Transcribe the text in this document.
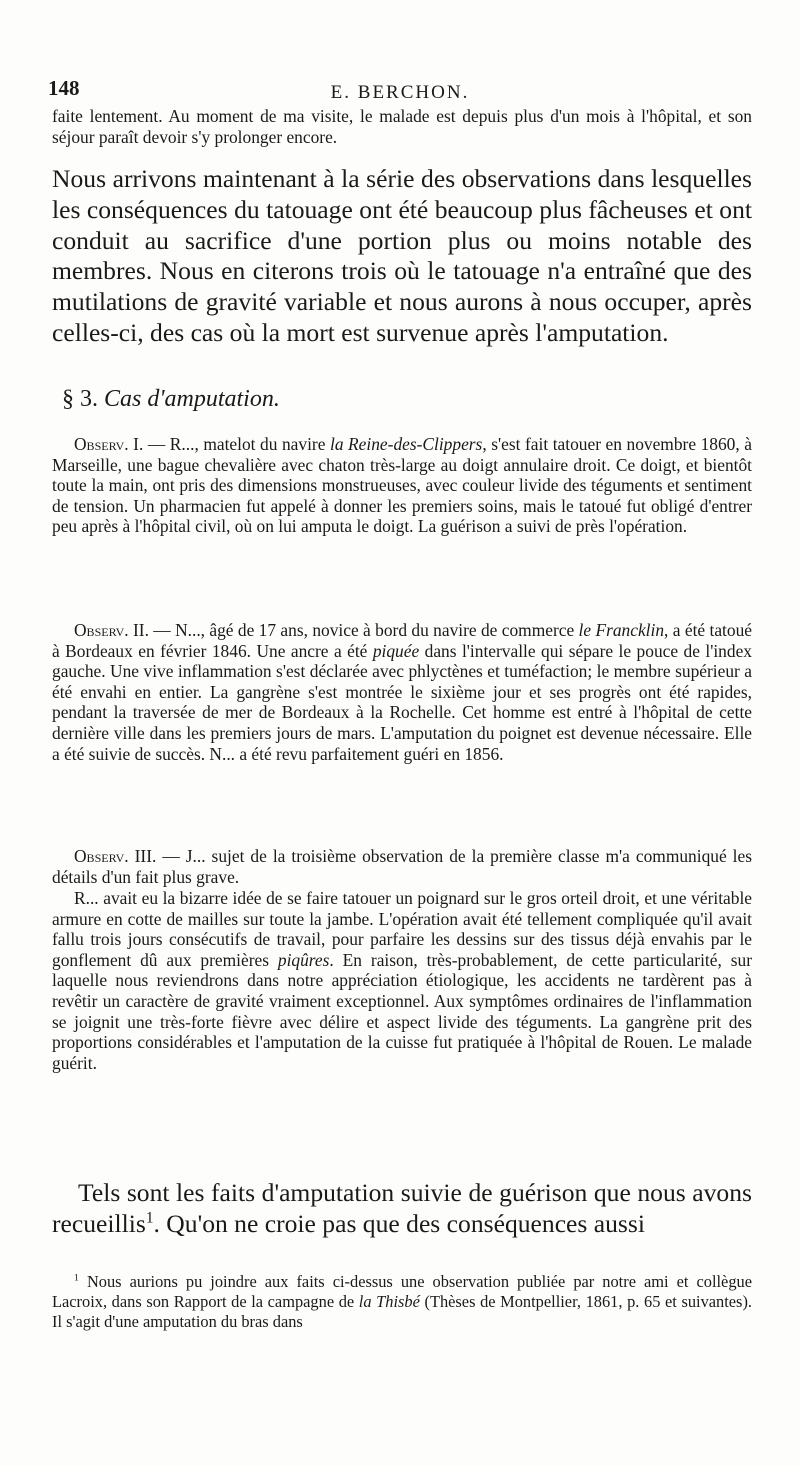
148	E. BERCHON.

faite lentement. Au moment de ma visite, le malade est depuis plus d'un mois à l'hôpital, et son séjour paraît devoir s'y prolonger encore.

Nous arrivons maintenant à la série des observations dans lesquelles les conséquences du tatouage ont été beaucoup plus fâcheuses et ont conduit au sacrifice d'une portion plus ou moins notable des membres. Nous en citerons trois où le tatouage n'a entraîné que des mutilations de gravité variable et nous aurons à nous occuper, après celles-ci, des cas où la mort est survenue après l'amputation.

§ 3. Cas d'amputation.

Observ. I. — R..., matelot du navire la Reine-des-Clippers, s'est fait tatouer en novembre 1860, à Marseille, une bague chevalière avec chaton très-large au doigt annulaire droit. Ce doigt, et bientôt toute la main, ont pris des dimensions monstrueuses, avec couleur livide des téguments et sentiment de tension. Un pharmacien fut appelé à donner les premiers soins, mais le tatoué fut obligé d'entrer peu après à l'hôpital civil, où on lui amputa le doigt. La guérison a suivi de près l'opération.

Observ. II. — N..., âgé de 17 ans, novice à bord du navire de commerce le Francklin, a été tatoué à Bordeaux en février 1846. Une ancre a été piquée dans l'intervalle qui sépare le pouce de l'index gauche. Une vive inflammation s'est déclarée avec phlyctènes et tuméfaction; le membre supérieur a été envahi en entier. La gangrène s'est montrée le sixième jour et ses progrès ont été rapides, pendant la traversée de mer de Bordeaux à la Rochelle. Cet homme est entré à l'hôpital de cette dernière ville dans les premiers jours de mars. L'amputation du poignet est devenue nécessaire. Elle a été suivie de succès. N... a été revu parfaitement guéri en 1856.

Observ. III. — J... sujet de la troisième observation de la première classe m'a communiqué les détails d'un fait plus grave.

R... avait eu la bizarre idée de se faire tatouer un poignard sur le gros orteil droit, et une véritable armure en cotte de mailles sur toute la jambe. L'opération avait été tellement compliquée qu'il avait fallu trois jours consécutifs de travail, pour parfaire les dessins sur des tissus déjà envahis par le gonflement dû aux premières piqûres. En raison, très-probablement, de cette particularité, sur laquelle nous reviendrons dans notre appréciation étiologique, les accidents ne tardèrent pas à revêtir un caractère de gravité vraiment exceptionnel. Aux symptômes ordinaires de l'inflammation se joignit une très-forte fièvre avec délire et aspect livide des téguments. La gangrène prit des proportions considérables et l'amputation de la cuisse fut pratiquée à l'hôpital de Rouen. Le malade guérit.

Tels sont les faits d'amputation suivie de guérison que nous avons recueillis$^1$. Qu'on ne croie pas que des conséquences aussi

$^1$ Nous aurions pu joindre aux faits ci-dessus une observation publiée par notre ami et collègue Lacroix, dans son Rapport de la campagne de la Thisbé (Thèses de Montpellier, 1861, p. 65 et suivantes). Il s'agit d'une amputation du bras dans
